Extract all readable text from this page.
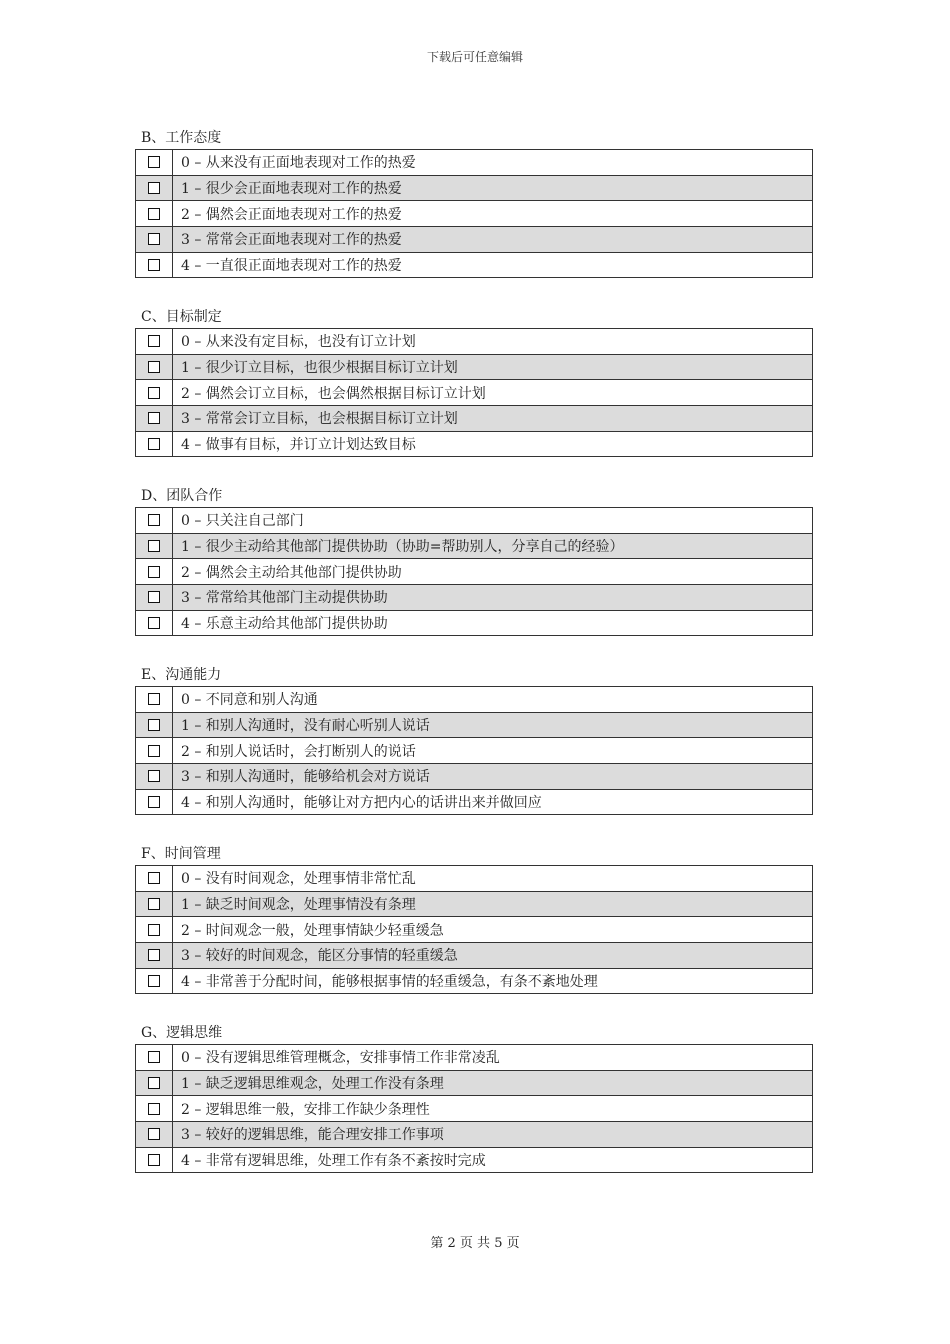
下载后可任意编辑
B、工作态度
	0 – 从来没有正面地表现对工作的热爱
	1 – 很少会正面地表现对工作的热爱
	2 – 偶然会正面地表现对工作的热爱
	3 – 常常会正面地表现对工作的热爱
	4 – 一直很正面地表现对工作的热爱
C、目标制定
	0 – 从来没有定目标，也没有订立计划
	1 – 很少订立目标，也很少根据目标订立计划
	2 – 偶然会订立目标，也会偶然根据目标订立计划
	3 – 常常会订立目标，也会根据目标订立计划
	4 – 做事有目标，并订立计划达致目标
D、团队合作
	0 – 只关注自己部门
	1 – 很少主动给其他部门提供协助（协助=帮助别人，分享自己的经验）
	2 – 偶然会主动给其他部门提供协助
	3 – 常常给其他部门主动提供协助
	4 – 乐意主动给其他部门提供协助
E、沟通能力
	0 – 不同意和别人沟通
	1 – 和别人沟通时，没有耐心听别人说话
	2 – 和别人说话时，会打断别人的说话
	3 – 和别人沟通时，能够给机会对方说话
	4 – 和别人沟通时，能够让对方把内心的话讲出来并做回应
F、时间管理
	0 – 没有时间观念，处理事情非常忙乱
	1 – 缺乏时间观念，处理事情没有条理
	2 – 时间观念一般，处理事情缺少轻重缓急
	3 – 较好的时间观念，能区分事情的轻重缓急
	4 – 非常善于分配时间，能够根据事情的轻重缓急，有条不紊地处理
G、逻辑思维
	0 – 没有逻辑思维管理概念，安排事情工作非常凌乱
	1 – 缺乏逻辑思维观念，处理工作没有条理
	2 – 逻辑思维一般，安排工作缺少条理性
	3 – 较好的逻辑思维，能合理安排工作事项
	4 – 非常有逻辑思维，处理工作有条不紊按时完成
第 2 页 共 5 页
